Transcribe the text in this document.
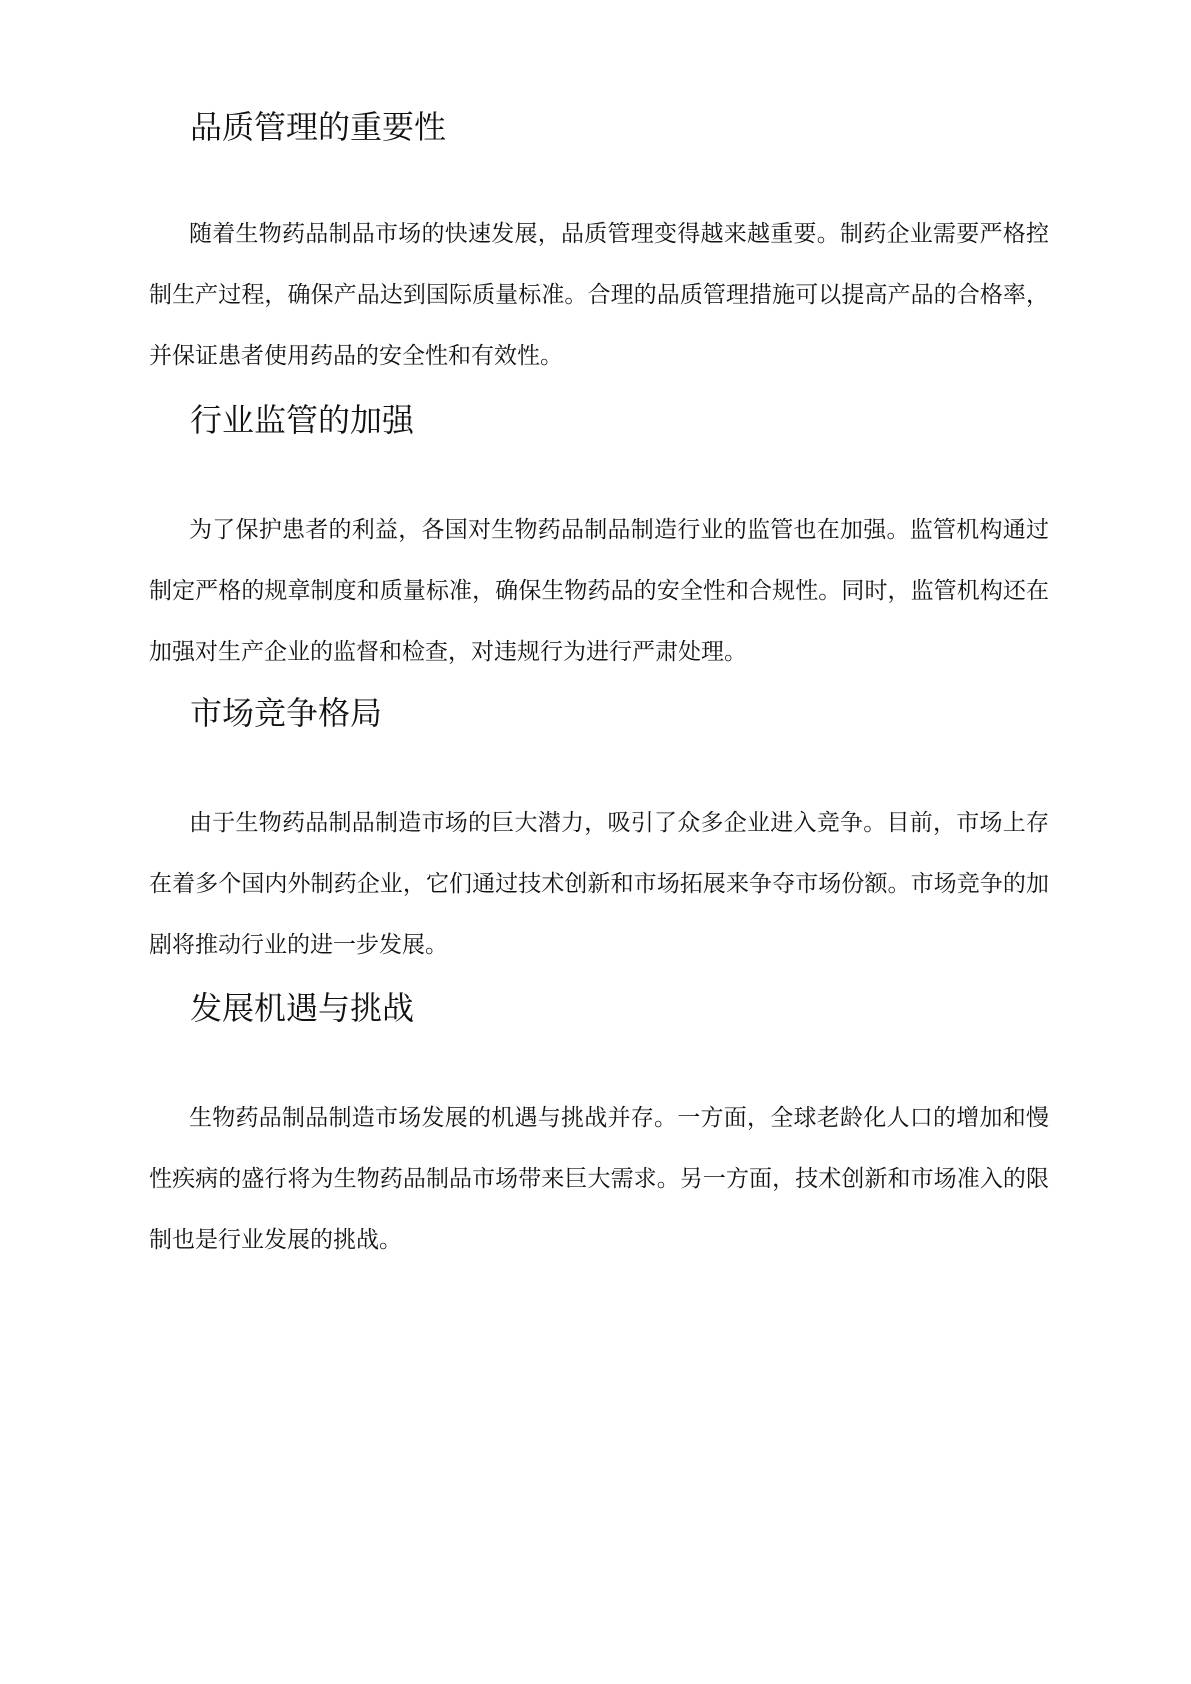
品质管理的重要性

随着生物药品制品市场的快速发展，品质管理变得越来越重要。制药企业需要严格控制生产过程，确保产品达到国际质量标准。合理的品质管理措施可以提高产品的合格率，并保证患者使用药品的安全性和有效性。

行业监管的加强

为了保护患者的利益，各国对生物药品制品制造行业的监管也在加强。监管机构通过制定严格的规章制度和质量标准，确保生物药品的安全性和合规性。同时，监管机构还在加强对生产企业的监督和检查，对违规行为进行严肃处理。

市场竞争格局

由于生物药品制品制造市场的巨大潜力，吸引了众多企业进入竞争。目前，市场上存在着多个国内外制药企业，它们通过技术创新和市场拓展来争夺市场份额。市场竞争的加剧将推动行业的进一步发展。

发展机遇与挑战

生物药品制品制造市场发展的机遇与挑战并存。一方面，全球老龄化人口的增加和慢性疾病的盛行将为生物药品制品市场带来巨大需求。另一方面，技术创新和市场准入的限制也是行业发展的挑战。
